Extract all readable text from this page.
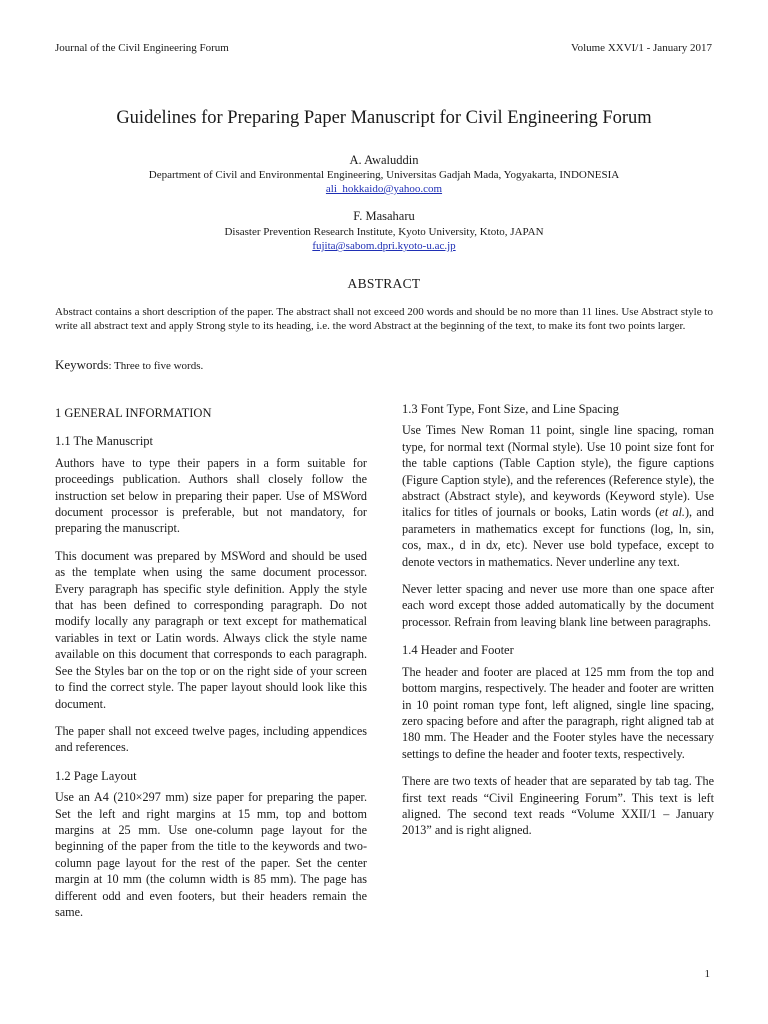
Journal of the Civil Engineering Forum	Volume XXVI/1 - January 2017
Guidelines for Preparing Paper Manuscript for Civil Engineering Forum
A. Awaluddin
Department of Civil and Environmental Engineering, Universitas Gadjah Mada, Yogyakarta, INDONESIA
ali_hokkaido@yahoo.com
F. Masaharu
Disaster Prevention Research Institute, Kyoto University, Ktoto, JAPAN
fujita@sabom.dpri.kyoto-u.ac.jp
ABSTRACT
Abstract contains a short description of the paper. The abstract shall not exceed 200 words and should be no more than 11 lines. Use Abstract style to write all abstract text and apply Strong style to its heading, i.e. the word Abstract at the beginning of the text, to make its font two points larger.
Keywords: Three to five words.
1 GENERAL INFORMATION
1.1 The Manuscript
Authors have to type their papers in a form suitable for proceedings publication. Authors shall closely follow the instruction set below in preparing their paper. Use of MSWord document processor is preferable, but not mandatory, for preparing the manuscript.
This document was prepared by MSWord and should be used as the template when using the same document processor. Every paragraph has specific style definition. Apply the style that has been defined to corresponding paragraph. Do not modify locally any paragraph or text except for mathematical variables in text or Latin words. Always click the style name available on this document that corresponds to each paragraph. See the Styles bar on the top or on the right side of your screen to find the correct style. The paper layout should look like this document.
The paper shall not exceed twelve pages, including appendices and references.
1.2 Page Layout
Use an A4 (210×297 mm) size paper for preparing the paper. Set the left and right margins at 15 mm, top and bottom margins at 25 mm. Use one-column page layout for the beginning of the paper from the title to the keywords and two-column page layout for the rest of the paper. Set the center margin at 10 mm (the column width is 85 mm). The page has different odd and even footers, but their headers remain the same.
1.3 Font Type, Font Size, and Line Spacing
Use Times New Roman 11 point, single line spacing, roman type, for normal text (Normal style). Use 10 point size font for the table captions (Table Caption style), the figure captions (Figure Caption style), and the references (Reference style), the abstract (Abstract style), and keywords (Keyword style). Use italics for titles of journals or books, Latin words (et al.), and parameters in mathematics except for functions (log, ln, sin, cos, max., d in dx, etc). Never use bold typeface, except to denote vectors in mathematics. Never underline any text.
Never letter spacing and never use more than one space after each word except those added automatically by the document processor. Refrain from leaving blank line between paragraphs.
1.4 Header and Footer
The header and footer are placed at 125 mm from the top and bottom margins, respectively. The header and footer are written in 10 point roman type font, left aligned, single line spacing, zero spacing before and after the paragraph, right aligned tab at 180 mm. The Header and the Footer styles have the necessary settings to define the header and footer texts, respectively.
There are two texts of header that are separated by tab tag. The first text reads “Civil Engineering Forum”. This text is left aligned. The second text reads “Volume XXII/1 – January 2013” and is right aligned.
1
